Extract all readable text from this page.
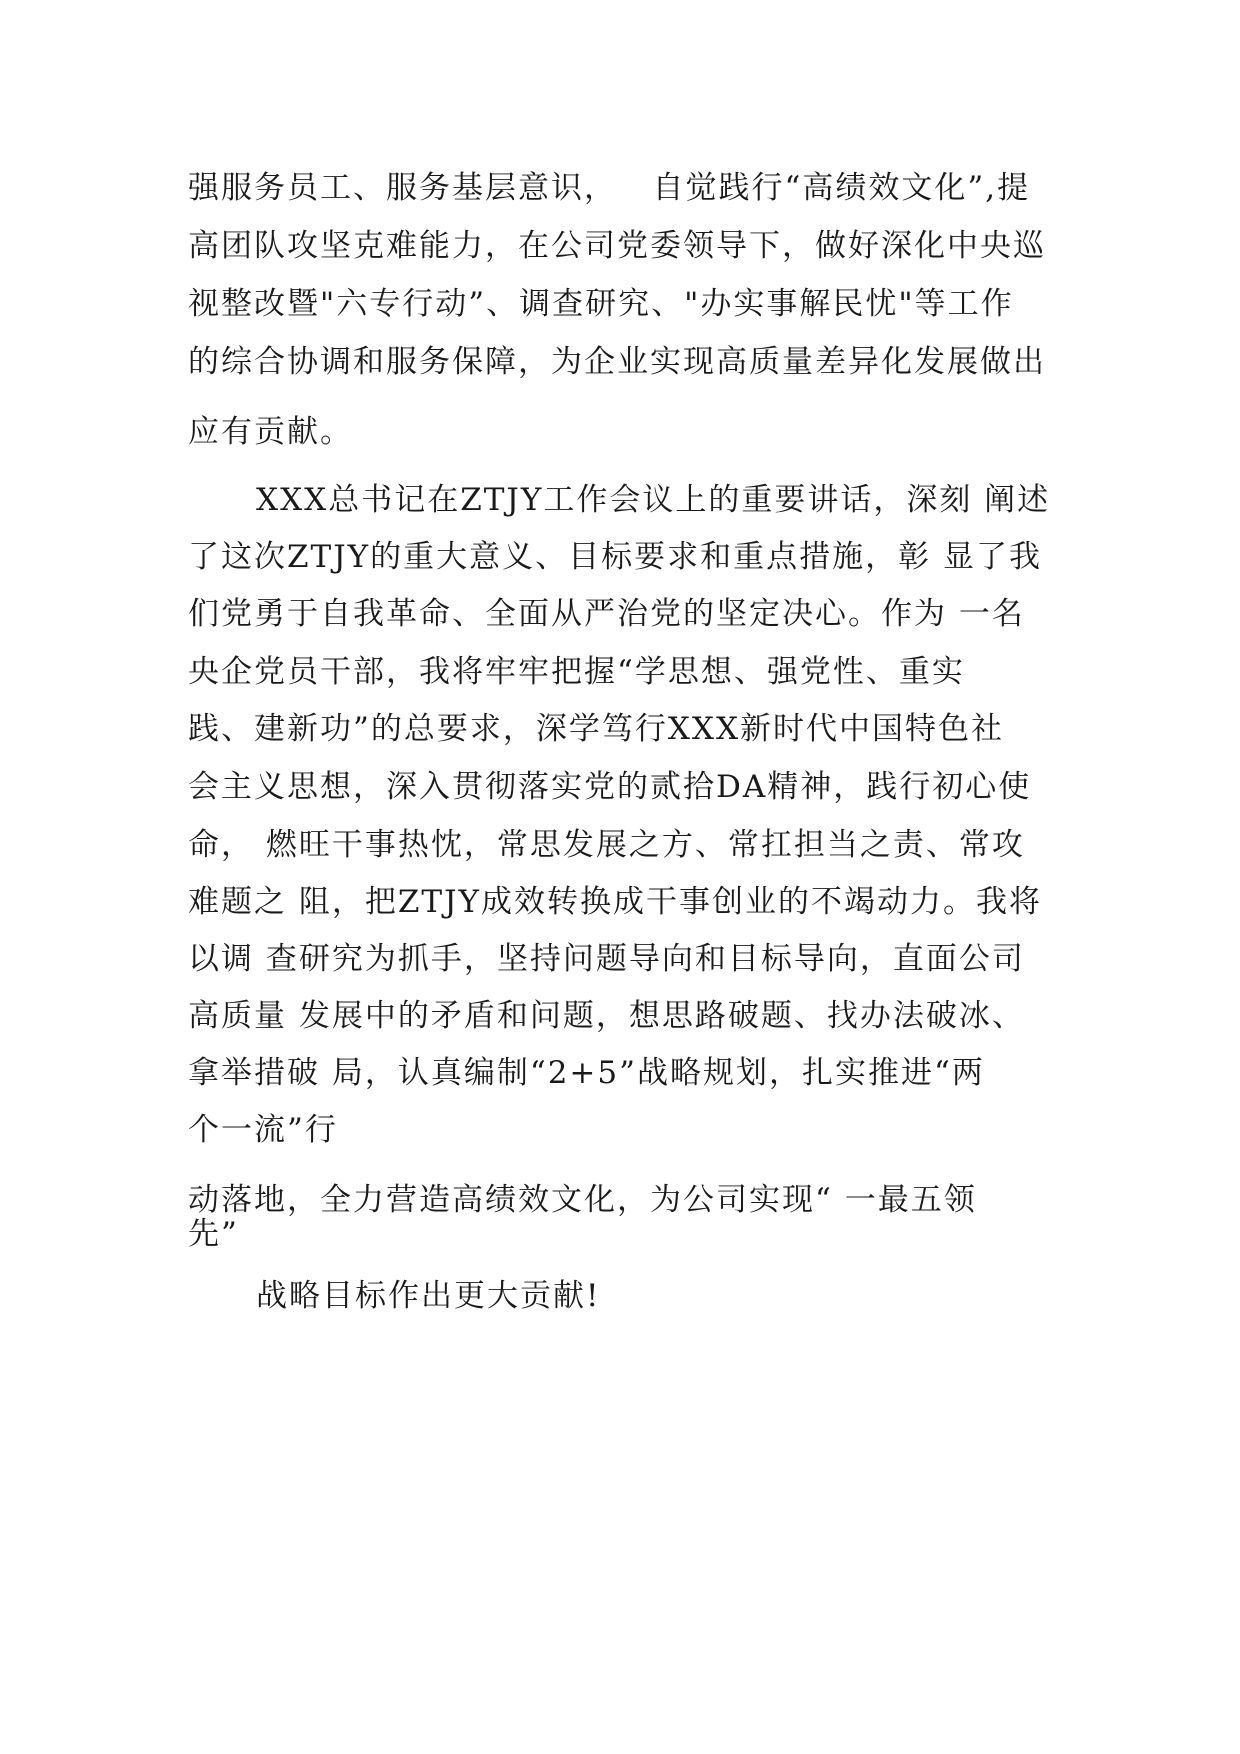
强服务员工、服务基层意识，   自觉践行“高绩效文化”,提
高团队攻坚克难能力，在公司党委领导下，做好深化中央巡
视整改暨"六专行动”、调查研究、"办实事解民忧"等工作
的综合协调和服务保障，为企业实现高质量差异化发展做出
应有贡献。
XXX总书记在ZTJY工作会议上的重要讲话，深刻 阐述
了这次ZTJY的重大意义、目标要求和重点措施，彰 显了我
们党勇于自我革命、全面从严治党的坚定决心。作为 一名
央企党员干部，我将牢牢把握“学思想、强党性、重实
践、建新功”的总要求，深学笃行XXX新时代中国特色社
会主义思想，深入贯彻落实党的贰拾DA精神，践行初心使
命， 燃旺干事热忱，常思发展之方、常扛担当之责、常攻
难题之 阻，把ZTJY成效转换成干事创业的不竭动力。我将
以调 查研究为抓手，坚持问题导向和目标导向，直面公司
高质量 发展中的矛盾和问题，想思路破题、找办法破冰、
拿举措破 局，认真编制“2+5”战略规划，扎实推进“两
个一流”行
动落地，全力营造高绩效文化，为公司实现“ 一最五领
先”
战略目标作出更大贡献!
